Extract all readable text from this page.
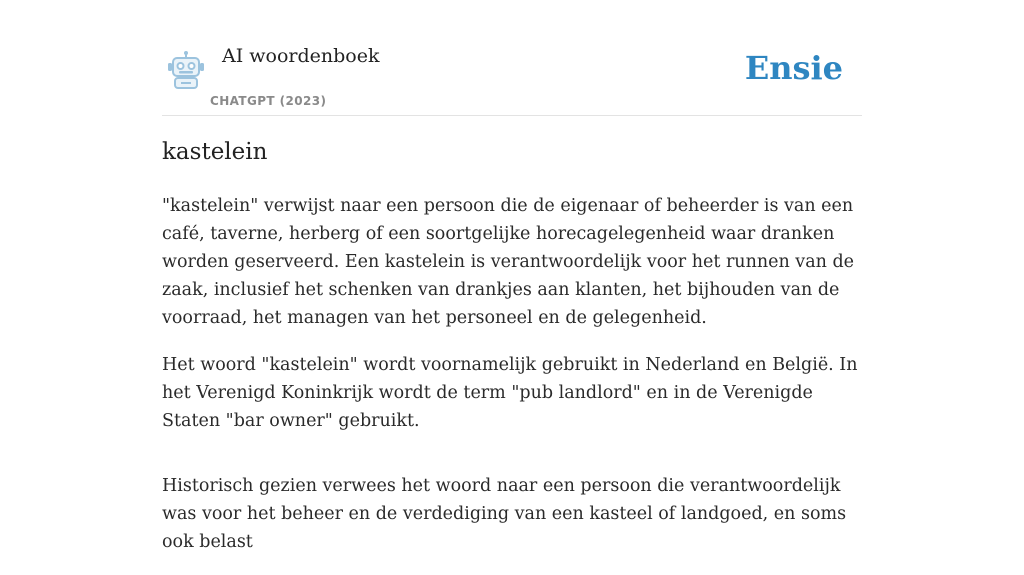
AI woordenboek
CHATGPT (2023)
Ensie
kastelein

"kastelein" verwijst naar een persoon die de eigenaar of beheerder is van een café, taverne, herberg of een soortgelijke horecagelegenheid waar dranken worden geserveerd. Een kastelein is verantwoordelijk voor het runnen van de zaak, inclusief het schenken van drankjes aan klanten, het bijhouden van de voorraad, het managen van het personeel en de gelegenheid.

Het woord "kastelein" wordt voornamelijk gebruikt in Nederland en België. In het Verenigd Koninkrijk wordt de term "pub landlord" en in de Verenigde Staten "bar owner" gebruikt.

Historisch gezien verwees het woord naar een persoon die verantwoordelijk was voor het beheer en de verdediging van een kasteel of landgoed, en soms ook belast
